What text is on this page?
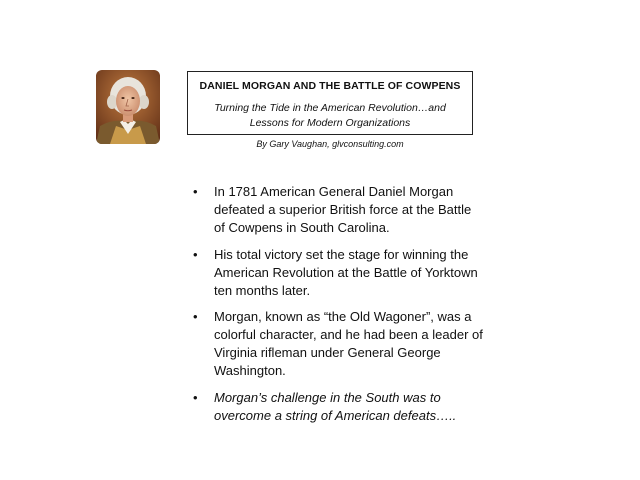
DANIEL MORGAN AND THE BATTLE OF COWPENS
Turning the Tide in the American Revolution…and
Lessons for Modern Organizations
By Gary Vaughan, glvconsulting.com
• In 1781 American General Daniel Morgan defeated a superior British force at the Battle of Cowpens in South Carolina.
• His total victory set the stage for winning the American Revolution at the Battle of Yorktown ten months later.
• Morgan, known as “the Old Wagoner”, was a colorful character, and he had been a leader of Virginia rifleman under General George Washington.
• Morgan’s challenge in the South was to overcome a string of American defeats…..
